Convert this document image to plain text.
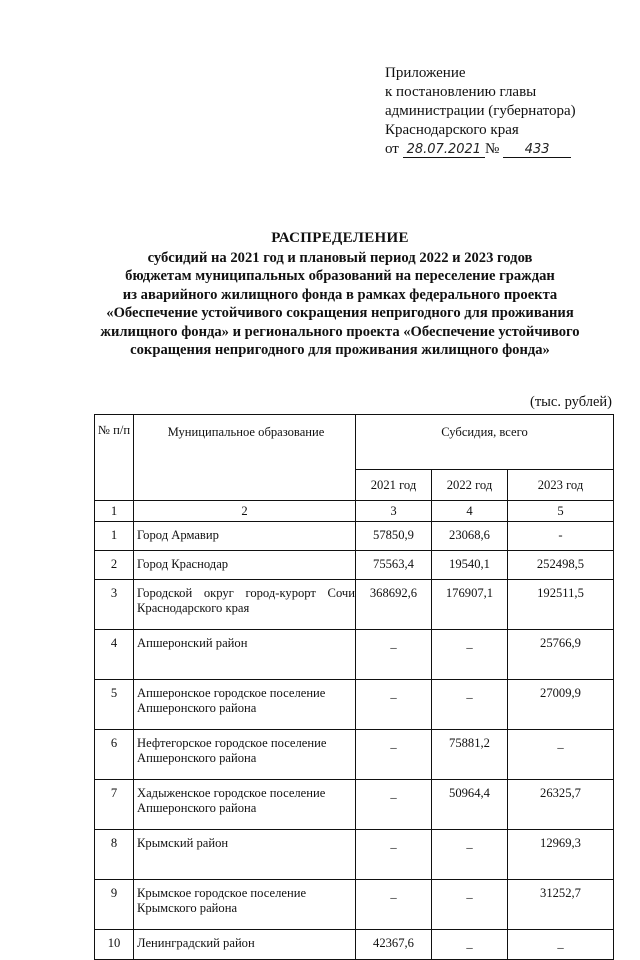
Приложение
к постановлению главы
администрации (губернатора)
Краснодарского края
от 28.07.2021 № 433
РАСПРЕДЕЛЕНИЕ
субсидий на 2021 год и плановый период 2022 и 2023 годов
бюджетам муниципальных образований на переселение граждан
из аварийного жилищного фонда в рамках федерального проекта
«Обеспечение устойчивого сокращения непригодного для проживания
жилищного фонда» и регионального проекта «Обеспечение устойчивого
сокращения непригодного для проживания жилищного фонда»
(тыс. рублей)
№ п/п	Муниципальное образование	Субсидия, всего		
		2021 год	2022 год	2023 год
1	2	3	4	5
1	Город Армавир	57850,9	23068,6	-
2	Город Краснодар	75563,4	19540,1	252498,5
3	Городской округ город-курорт Сочи Краснодарского края	368692,6	176907,1	192511,5
4	Апшеронский район	_	_	25766,9
5	Апшеронское городское поселение Апшеронского района	_	_	27009,9
6	Нефтегорское городское поселение Апшеронского района	_	75881,2	_
7	Хадыженское городское поселение Апшеронского района	_	50964,4	26325,7
8	Крымский район	_	_	12969,3
9	Крымское городское поселение Крымского района	_	_	31252,7
10	Ленинградский район	42367,6	_	_
